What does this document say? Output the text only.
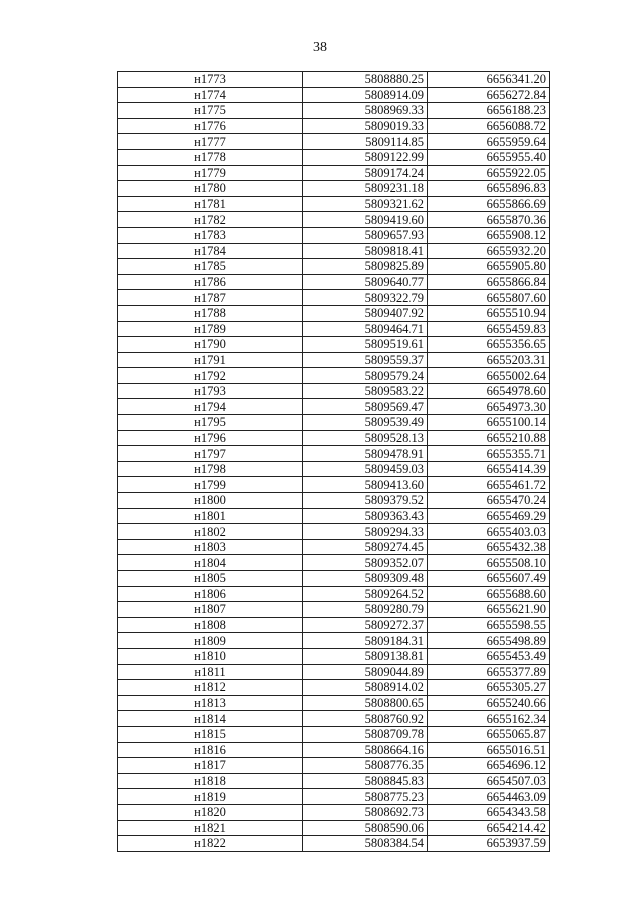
38
н1773	5808880.25	6656341.20
н1774	5808914.09	6656272.84
н1775	5808969.33	6656188.23
н1776	5809019.33	6656088.72
н1777	5809114.85	6655959.64
н1778	5809122.99	6655955.40
н1779	5809174.24	6655922.05
н1780	5809231.18	6655896.83
н1781	5809321.62	6655866.69
н1782	5809419.60	6655870.36
н1783	5809657.93	6655908.12
н1784	5809818.41	6655932.20
н1785	5809825.89	6655905.80
н1786	5809640.77	6655866.84
н1787	5809322.79	6655807.60
н1788	5809407.92	6655510.94
н1789	5809464.71	6655459.83
н1790	5809519.61	6655356.65
н1791	5809559.37	6655203.31
н1792	5809579.24	6655002.64
н1793	5809583.22	6654978.60
н1794	5809569.47	6654973.30
н1795	5809539.49	6655100.14
н1796	5809528.13	6655210.88
н1797	5809478.91	6655355.71
н1798	5809459.03	6655414.39
н1799	5809413.60	6655461.72
н1800	5809379.52	6655470.24
н1801	5809363.43	6655469.29
н1802	5809294.33	6655403.03
н1803	5809274.45	6655432.38
н1804	5809352.07	6655508.10
н1805	5809309.48	6655607.49
н1806	5809264.52	6655688.60
н1807	5809280.79	6655621.90
н1808	5809272.37	6655598.55
н1809	5809184.31	6655498.89
н1810	5809138.81	6655453.49
н1811	5809044.89	6655377.89
н1812	5808914.02	6655305.27
н1813	5808800.65	6655240.66
н1814	5808760.92	6655162.34
н1815	5808709.78	6655065.87
н1816	5808664.16	6655016.51
н1817	5808776.35	6654696.12
н1818	5808845.83	6654507.03
н1819	5808775.23	6654463.09
н1820	5808692.73	6654343.58
н1821	5808590.06	6654214.42
н1822	5808384.54	6653937.59
